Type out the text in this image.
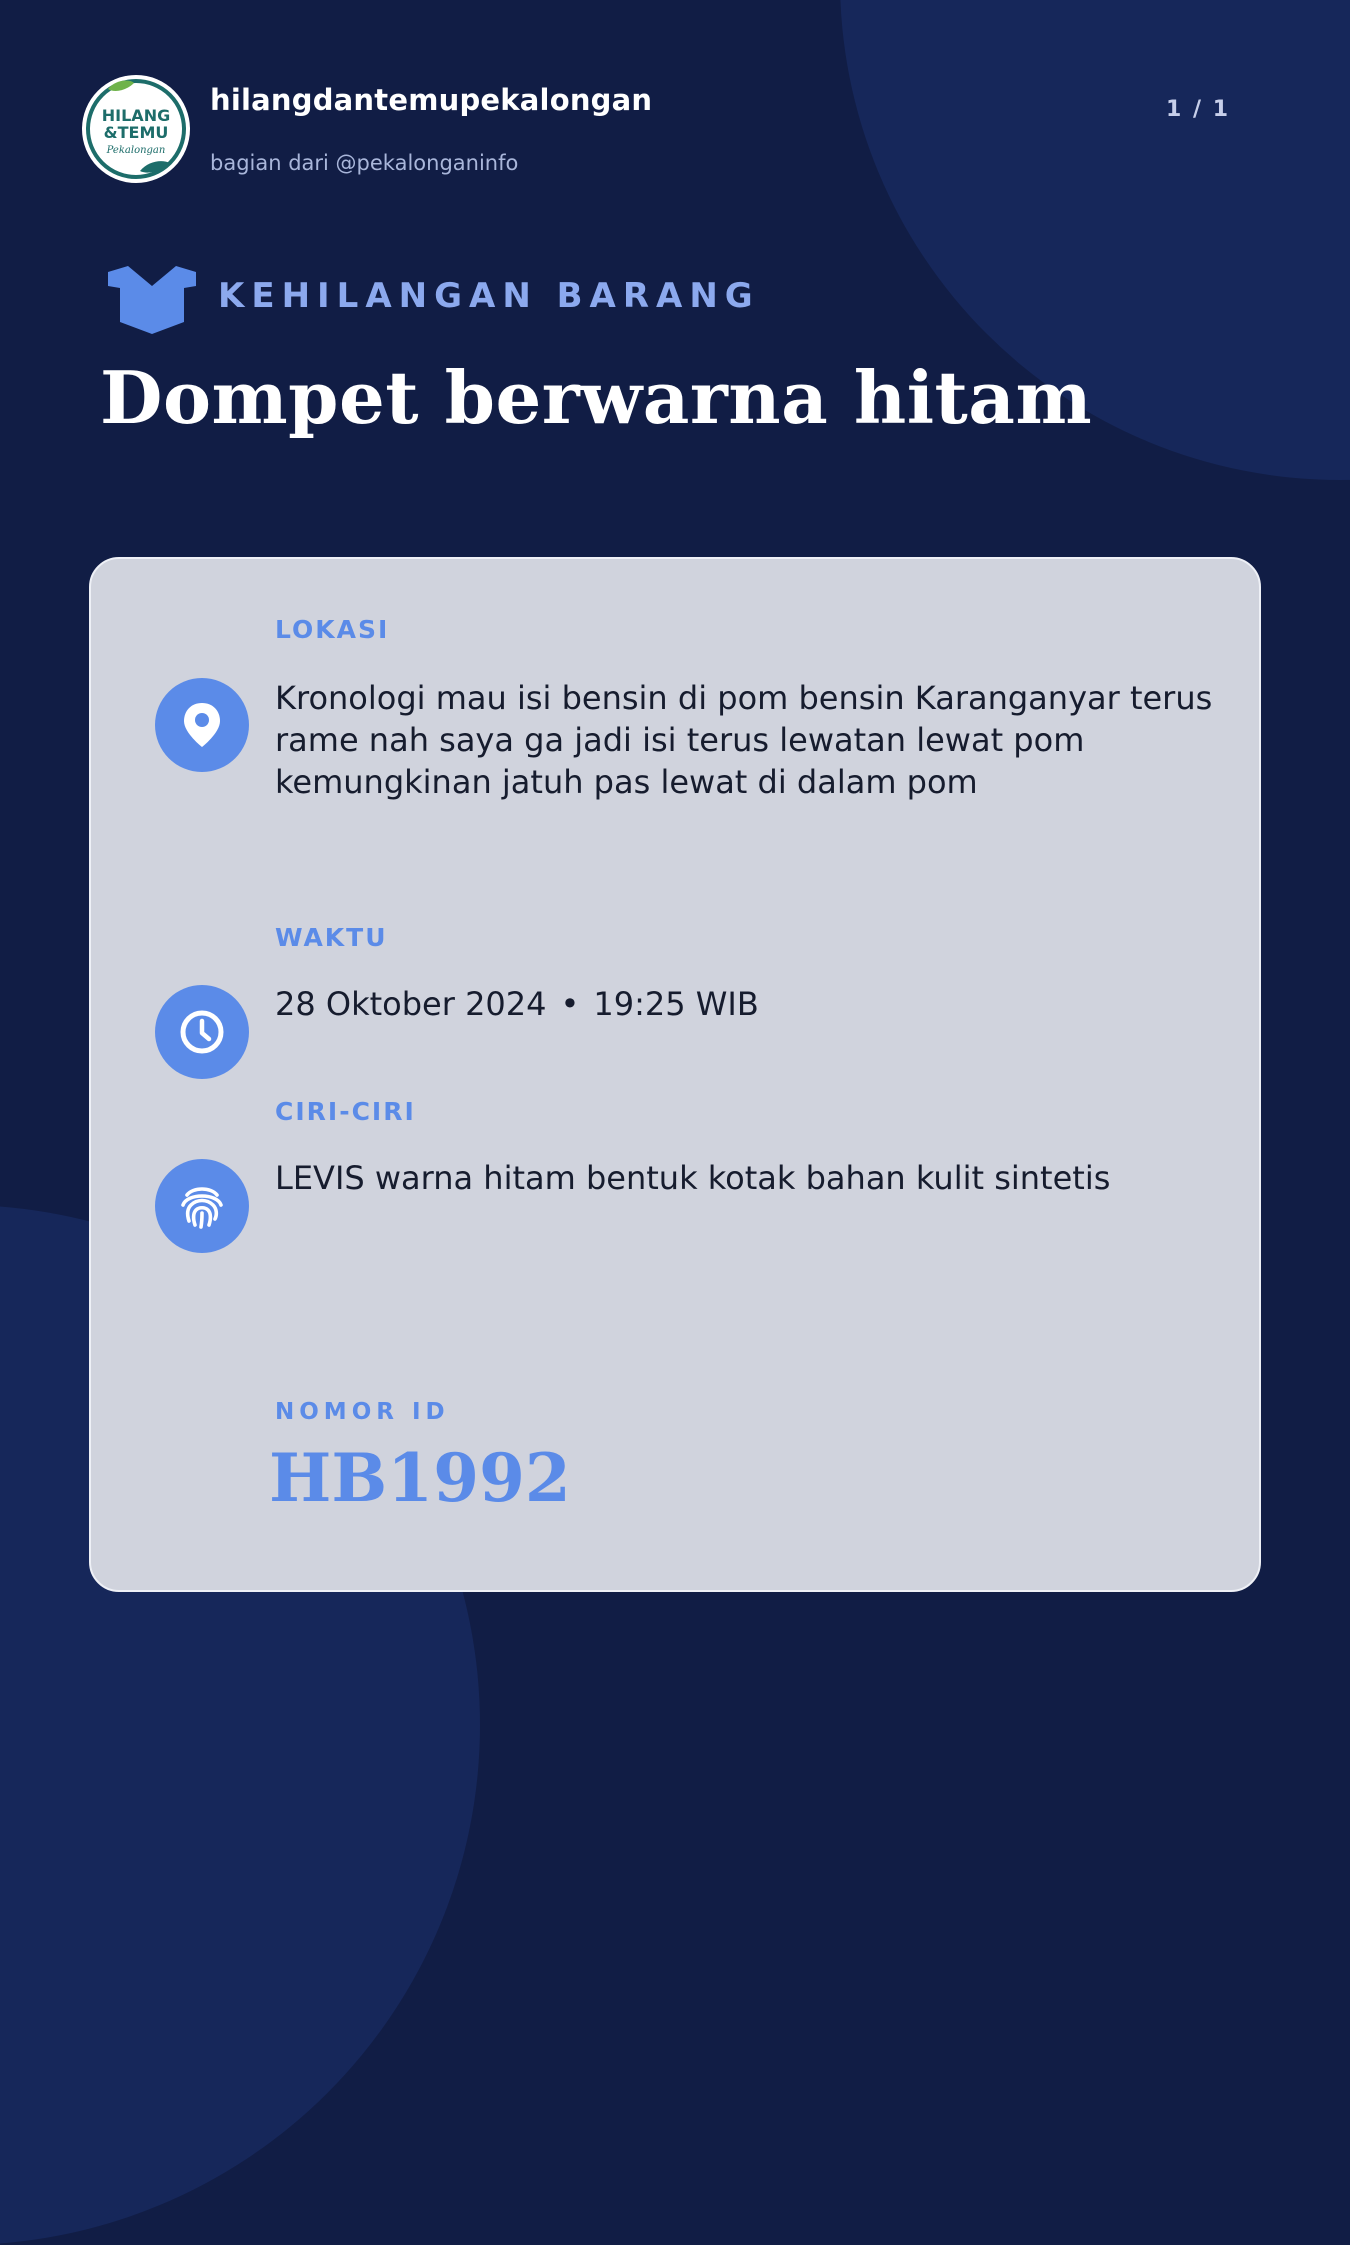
HILANG
&TEMU
Pekalongan
hilangdantemupekalongan
bagian dari @pekalonganinfo
1 / 1
KEHILANGAN BARANG
Dompet berwarna hitam
LOKASI
Kronologi mau isi bensin di pom bensin Karanganyar terus rame nah saya ga jadi isi terus lewatan lewat pom kemungkinan jatuh pas lewat di dalam pom
WAKTU
28 Oktober 2024 • 19:25 WIB
CIRI-CIRI
LEVIS warna hitam bentuk kotak bahan kulit sintetis
NOMOR ID
HB1992
